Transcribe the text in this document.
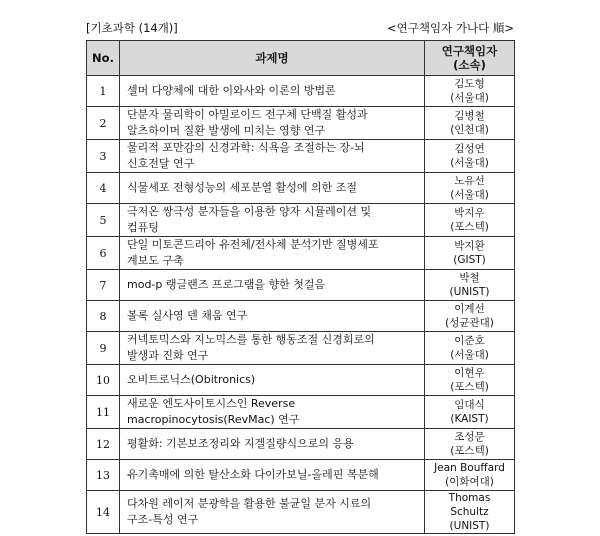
[기초과학 (14개)]	<연구책임자 가나다 順>
No.	과제명	연구책임자
(소속)

1	셀머 다양체에 대한 이와사와 이론의 방법론	김도형
(서울대)

2	단분자 물리학이 아밀로이드 전구체 단백질 활성과
알츠하이머 질환 발생에 미치는 영향 연구	김병철
(인천대)

3	물리적 포만감의 신경과학: 식욕을 조절하는 장-뇌
신호전달 연구	김성연
(서울대)

4	식물세포 전형성능의 세포분열 활성에 의한 조절	노유선
(서울대)

5	극저온 쌍극성 분자들을 이용한 양자 시뮬레이션 및
컴퓨팅	박지우
(포스텍)

6	단일 미토콘드리아 유전체/전사체 분석기반 질병세포
계보도 구축	박지환
(GIST)

7	mod-p 랭글랜즈 프로그램을 향한 첫걸음	박철
(UNIST)

8	볼록 실사영 덴 채움 연구	이계선
(성균관대)

9	커넥토믹스와 지노믹스를 통한 행동조절 신경회로의
발생과 진화 연구	이준호
(서울대)

10	오비트로닉스(Obitronics)	이현우
(포스텍)

11	새로운 엔도사이토시스인 Reverse
macropinocytosis(RevMac) 연구	임대식
(KAIST)

12	평활화: 기본보조정리와 지겔질량식으로의 응용	조성문
(포스텍)

13	유기촉매에 의한 탈산소화 다이카보닐-올레핀 복분해	Jean Bouffard
(이화여대)

14	다차원 레이저 분광학을 활용한 불균일 분자 시료의
구조-특성 연구	Thomas Schultz
(UNIST)
